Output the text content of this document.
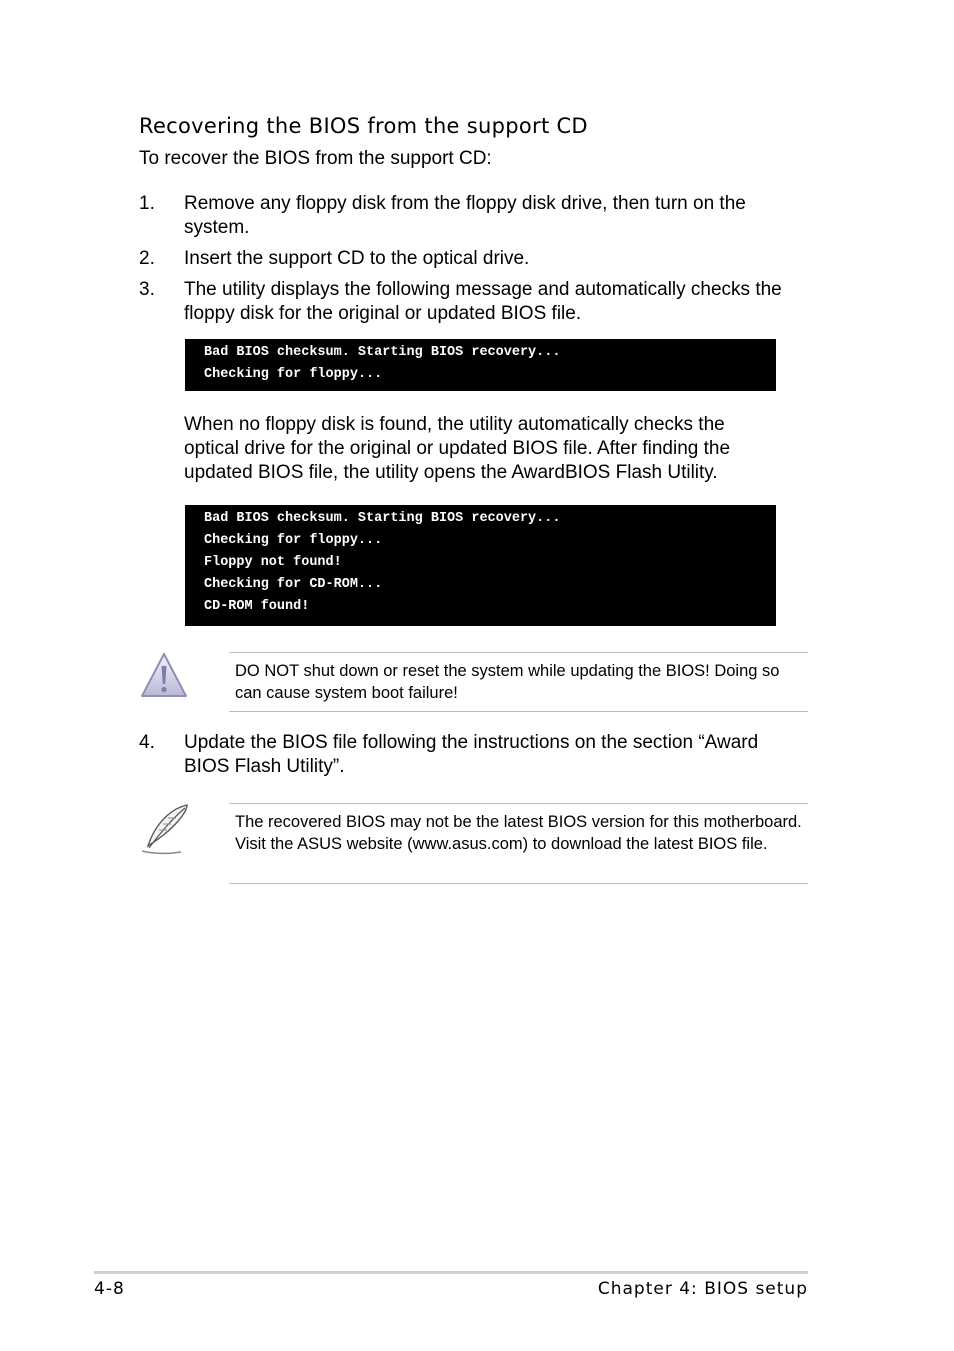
Recovering the BIOS from the support CD
To recover the BIOS from the support CD:
1. Remove any floppy disk from the floppy disk drive, then turn on the system.
2. Insert the support CD to the optical drive.
3. The utility displays the following message and automatically checks the floppy disk for the original or updated BIOS file.
Bad BIOS checksum. Starting BIOS recovery...
Checking for floppy...
When no floppy disk is found, the utility automatically checks the optical drive for the original or updated BIOS file. After finding the updated BIOS file, the utility opens the AwardBIOS Flash Utility.
Bad BIOS checksum. Starting BIOS recovery...
Checking for floppy...
Floppy not found!
Checking for CD-ROM...
CD-ROM found!
DO NOT shut down or reset the system while updating the BIOS! Doing so can cause system boot failure!
4. Update the BIOS file following the instructions on the section “Award BIOS Flash Utility”.
The recovered BIOS may not be the latest BIOS version for this motherboard. Visit the ASUS website (www.asus.com) to download the latest BIOS file.
4-8	Chapter 4: BIOS setup
